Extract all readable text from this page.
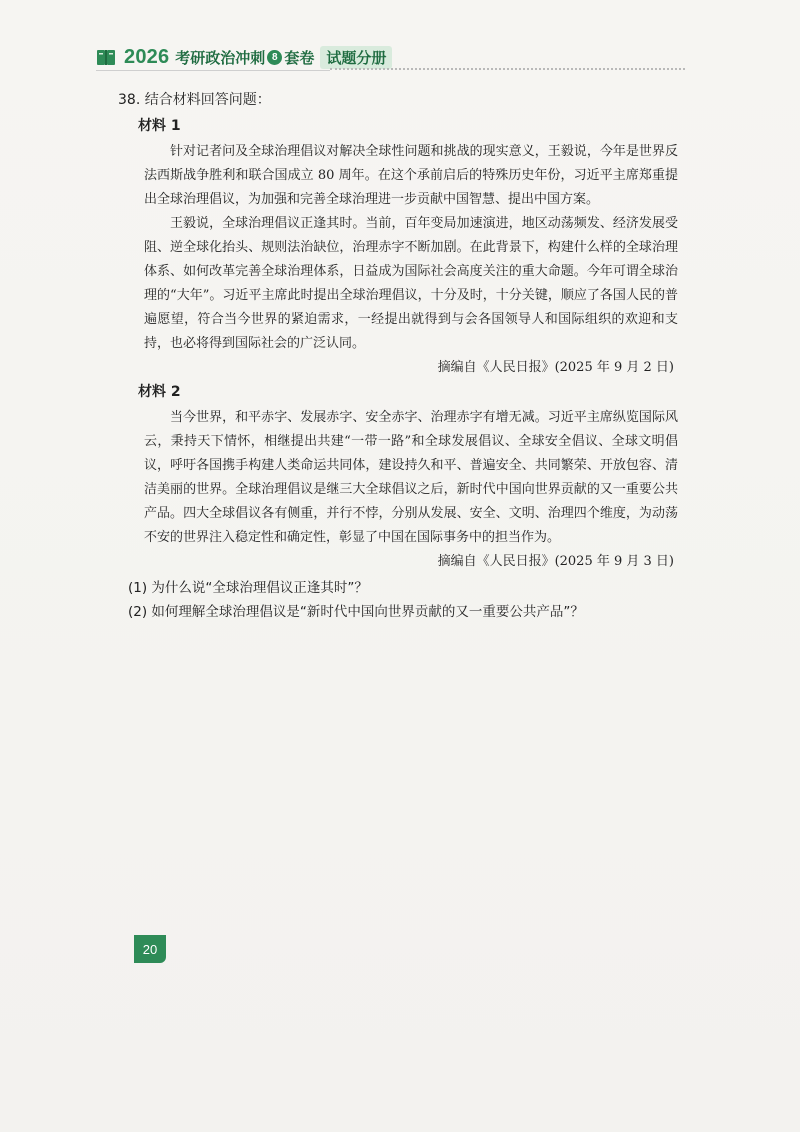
2026 考研政治冲刺 8 套卷 试题分册

38. 结合材料回答问题：

材料 1

针对记者问及全球治理倡议对解决全球性问题和挑战的现实意义，王毅说，今年是世界反法西斯战争胜利和联合国成立 80 周年。在这个承前启后的特殊历史年份，习近平主席郑重提出全球治理倡议，为加强和完善全球治理进一步贡献中国智慧、提出中国方案。

王毅说，全球治理倡议正逢其时。当前，百年变局加速演进，地区动荡频发、经济发展受阻、逆全球化抬头、规则法治缺位，治理赤字不断加剧。在此背景下，构建什么样的全球治理体系、如何改革完善全球治理体系，日益成为国际社会高度关注的重大命题。今年可谓全球治理的“大年”。习近平主席此时提出全球治理倡议，十分及时，十分关键，顺应了各国人民的普遍愿望，符合当今世界的紧迫需求，一经提出就得到与会各国领导人和国际组织的欢迎和支持，也必将得到国际社会的广泛认同。

摘编自《人民日报》(2025 年 9 月 2 日)

材料 2

当今世界，和平赤字、发展赤字、安全赤字、治理赤字有增无减。习近平主席纵览国际风云，秉持天下情怀，相继提出共建“一带一路”和全球发展倡议、全球安全倡议、全球文明倡议，呼吁各国携手构建人类命运共同体，建设持久和平、普遍安全、共同繁荣、开放包容、清洁美丽的世界。全球治理倡议是继三大全球倡议之后，新时代中国向世界贡献的又一重要公共产品。四大全球倡议各有侧重，并行不悖，分别从发展、安全、文明、治理四个维度，为动荡不安的世界注入稳定性和确定性，彰显了中国在国际事务中的担当作为。

摘编自《人民日报》(2025 年 9 月 3 日)

(1) 为什么说“全球治理倡议正逢其时”？

(2) 如何理解全球治理倡议是“新时代中国向世界贡献的又一重要公共产品”？

20
